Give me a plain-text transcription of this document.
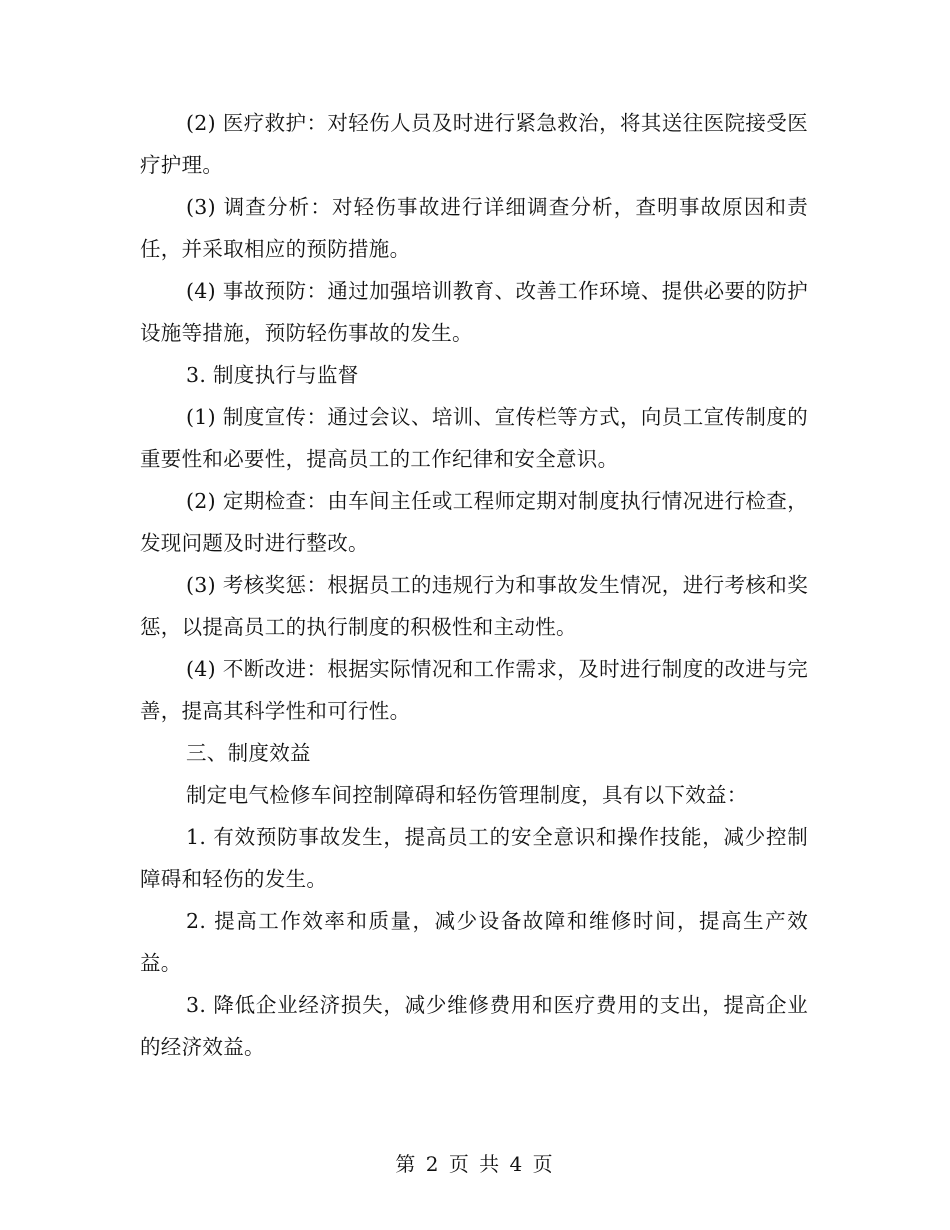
(2) 医疗救护：对轻伤人员及时进行紧急救治，将其送往医院接受医疗护理。

(3) 调查分析：对轻伤事故进行详细调查分析，查明事故原因和责任，并采取相应的预防措施。

(4) 事故预防：通过加强培训教育、改善工作环境、提供必要的防护设施等措施，预防轻伤事故的发生。

3. 制度执行与监督

(1) 制度宣传：通过会议、培训、宣传栏等方式，向员工宣传制度的重要性和必要性，提高员工的工作纪律和安全意识。

(2) 定期检查：由车间主任或工程师定期对制度执行情况进行检查，发现问题及时进行整改。

(3) 考核奖惩：根据员工的违规行为和事故发生情况，进行考核和奖惩，以提高员工的执行制度的积极性和主动性。

(4) 不断改进：根据实际情况和工作需求，及时进行制度的改进与完善，提高其科学性和可行性。

三、制度效益

制定电气检修车间控制障碍和轻伤管理制度，具有以下效益：

1. 有效预防事故发生，提高员工的安全意识和操作技能，减少控制障碍和轻伤的发生。

2. 提高工作效率和质量，减少设备故障和维修时间，提高生产效益。

3. 降低企业经济损失，减少维修费用和医疗费用的支出，提高企业的经济效益。

第 2 页 共 4 页
